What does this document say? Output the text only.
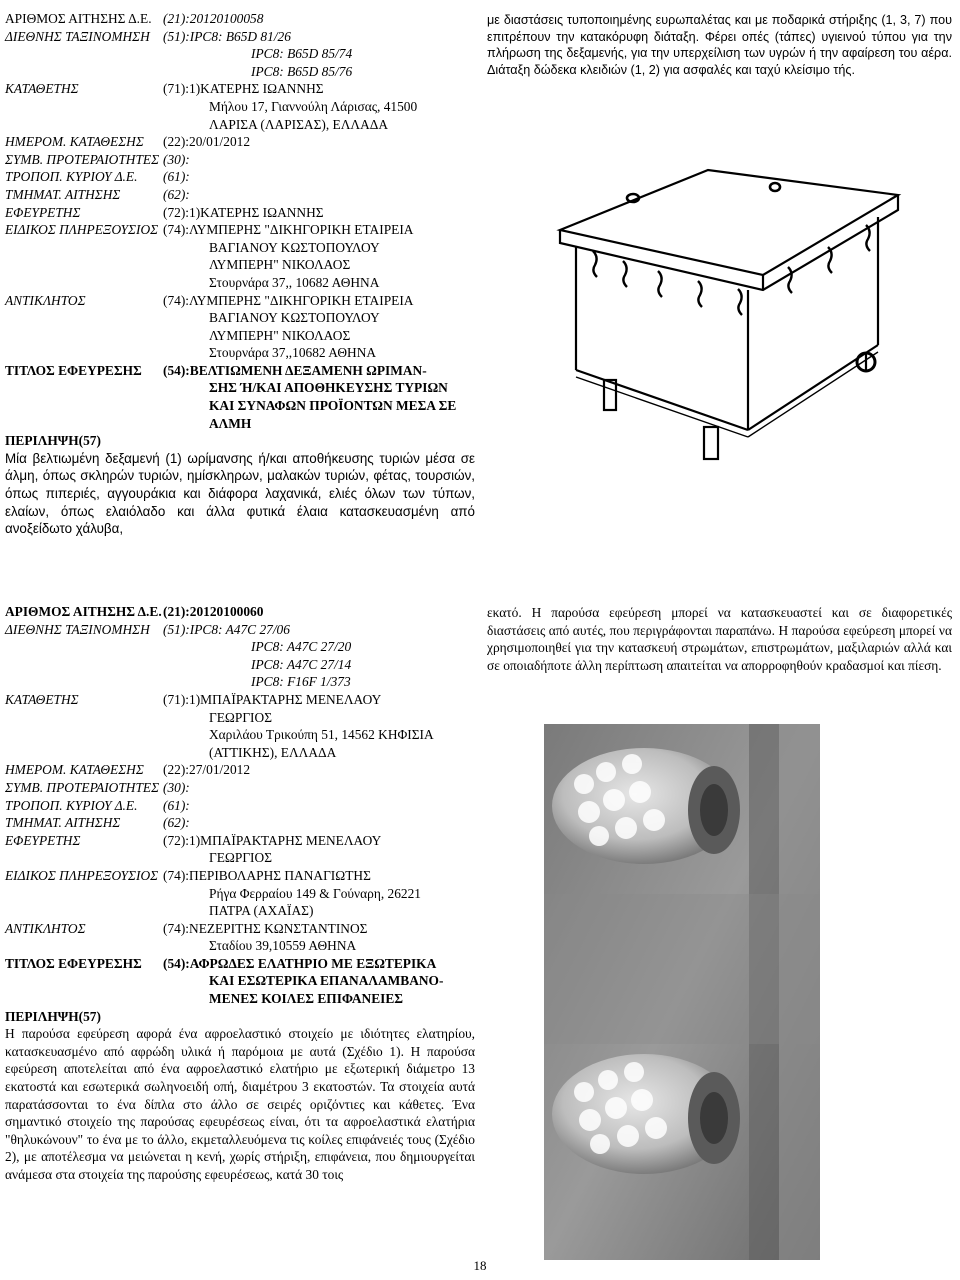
ΑΡΙΘΜΟΣ ΑΙΤΗΣΗΣ Δ.Ε. (21):20120100058
ΔΙΕΘΝΗΣ ΤΑΞΙΝΟΜΗΣΗ (51):IPC8: B65D 81/26
IPC8: B65D 85/74
IPC8: B65D 85/76
ΚΑΤΑΘΕΤΗΣ	(71):1)ΚΑΤΕΡΗΣ ΙΩΑΝΝΗΣ
Μήλου 17, Γιαννούλη Λάρισας, 41500
ΛΑΡΙΣΑ (ΛΑΡΙΣΑΣ), ΕΛΛΑΔΑ
ΗΜΕΡΟΜ. ΚΑΤΑΘΕΣΗΣ	(22):20/01/2012
ΣΥΜΒ. ΠΡΟΤΕΡΑΙΟΤΗΤΕΣ (30):
ΤΡΟΠΟΠ. ΚΥΡΙΟΥ Δ.Ε.	(61):
ΤΜΗΜΑΤ. ΑΙΤΗΣΗΣ	(62):
ΕΦΕΥΡΕΤΗΣ	(72):1)ΚΑΤΕΡΗΣ ΙΩΑΝΝΗΣ
ΕΙΔΙΚΟΣ ΠΛΗΡΕΞΟΥΣΙΟΣ (74):ΛΥΜΠΕΡΗΣ "ΔΙΚΗΓΟΡΙΚΗ ΕΤΑΙΡΕΙΑ
ΒΑΓΙΑΝΟΥ ΚΩΣΤΟΠΟΥΛΟΥ
ΛΥΜΠΕΡΗ" ΝΙΚΟΛΑΟΣ
Στουρνάρα 37,, 10682 ΑΘΗΝΑ
ΑΝΤΙΚΛΗΤΟΣ	(74):ΛΥΜΠΕΡΗΣ "ΔΙΚΗΓΟΡΙΚΗ ΕΤΑΙΡΕΙΑ
ΒΑΓΙΑΝΟΥ ΚΩΣΤΟΠΟΥΛΟΥ
ΛΥΜΠΕΡΗ" ΝΙΚΟΛΑΟΣ
Στουρνάρα 37,,10682 ΑΘΗΝΑ
ΤΙΤΛΟΣ ΕΦΕΥΡΕΣΗΣ	(54):ΒΕΛΤΙΩΜΕΝΗ ΔΕΞΑΜΕΝΗ ΩΡΙΜΑΝ-
ΣΗΣ Ή/ΚΑΙ ΑΠΟΘΗΚΕΥΣΗΣ ΤΥΡΙΩΝ
ΚΑΙ ΣΥΝΑΦΩΝ ΠΡΟΪΟΝΤΩΝ ΜΕΣΑ ΣΕ
ΑΛΜΗ
ΠΕΡΙΛΗΨΗ(57)
Μία βελτιωμένη δεξαμενή (1) ωρίμανσης ή/και αποθήκευσης τυριών μέσα σε άλμη, όπως σκληρών τυριών, ημίσκληρων, μαλακών τυριών, φέτας, τουρσιών, όπως πιπεριές, αγγουράκια και διάφορα λαχανικά, ελιές όλων των τύπων, ελαίων, όπως ελαιόλαδο και άλλα φυτικά έλαια κατασκευασμένη από ανοξείδωτο χάλυβα,
με διαστάσεις τυποποιημένης ευρωπαλέτας και με ποδαρικά στήριξης (1, 3, 7) που επιτρέπουν την κατακόρυφη διάταξη. Φέρει οπές (τάπες) υγιεινού τύπου για την πλήρωση της δεξαμενής, για την υπερχείλιση των υγρών ή την αφαίρεση του αέρα. Διάταξη δώδεκα κλειδιών (1, 2) για ασφαλές και ταχύ κλείσιμο τής.
ΑΡΙΘΜΟΣ ΑΙΤΗΣΗΣ Δ.Ε. (21):20120100060
ΔΙΕΘΝΗΣ ΤΑΞΙΝΟΜΗΣΗ (51):IPC8: A47C 27/06
IPC8: A47C 27/20
IPC8: A47C 27/14
IPC8: F16F 1/373
ΚΑΤΑΘΕΤΗΣ	(71):1)ΜΠΑΪΡΑΚΤΑΡΗΣ ΜΕΝΕΛΑΟΥ
ΓΕΩΡΓΙΟΣ
Χαριλάου Τρικούπη 51, 14562 ΚΗΦΙΣΙΑ
(ΑΤΤΙΚΗΣ), ΕΛΛΑΔΑ
ΗΜΕΡΟΜ. ΚΑΤΑΘΕΣΗΣ	(22):27/01/2012
ΣΥΜΒ. ΠΡΟΤΕΡΑΙΟΤΗΤΕΣ (30):
ΤΡΟΠΟΠ. ΚΥΡΙΟΥ Δ.Ε.	(61):
ΤΜΗΜΑΤ. ΑΙΤΗΣΗΣ	(62):
ΕΦΕΥΡΕΤΗΣ	(72):1)ΜΠΑΪΡΑΚΤΑΡΗΣ ΜΕΝΕΛΑΟΥ
ΓΕΩΡΓΙΟΣ
ΕΙΔΙΚΟΣ ΠΛΗΡΕΞΟΥΣΙΟΣ (74):ΠΕΡΙΒΟΛΑΡΗΣ ΠΑΝΑΓΙΩΤΗΣ
Ρήγα Φερραίου 149 & Γούναρη, 26221
ΠΑΤΡΑ (ΑΧΑΪΑΣ)
ΑΝΤΙΚΛΗΤΟΣ	(74):ΝΕΖΕΡΙΤΗΣ ΚΩΝΣΤΑΝΤΙΝΟΣ
Σταδίου 39,10559 ΑΘΗΝΑ
ΤΙΤΛΟΣ ΕΦΕΥΡΕΣΗΣ	(54):ΑΦΡΩΔΕΣ ΕΛΑΤΗΡΙΟ ΜΕ ΕΞΩΤΕΡΙΚΑ
ΚΑΙ ΕΣΩΤΕΡΙΚΑ ΕΠΑΝΑΛΑΜΒΑΝΟ-
ΜΕΝΕΣ ΚΟΙΛΕΣ ΕΠΙΦΑΝΕΙΕΣ
ΠΕΡΙΛΗΨΗ(57)
Η παρούσα εφεύρεση αφορά ένα αφροελαστικό στοιχείο με ιδιότητες ελατηρίου, κατασκευασμένο από αφρώδη υλικά ή παρόμοια με αυτά (Σχέδιο 1). Η παρούσα εφεύρεση αποτελείται από ένα αφροελαστικό ελατήριο με εξωτερική διάμετρο 13 εκατοστά και εσωτερικά σωληνοειδή οπή, διαμέτρου 3 εκατοστών. Τα στοιχεία αυτά παρατάσσονται το ένα δίπλα στο άλλο σε σειρές οριζόντιες και κάθετες. Ένα σημαντικό στοιχείο της παρούσας εφευρέσεως είναι, ότι τα αφροελαστικά ελατήρια "θηλυκώνουν" το ένα με το άλλο, εκμεταλλευόμενα τις κοίλες επιφάνειές τους (Σχέδιο 2), με αποτέλεσμα να μειώνεται η κενή, χωρίς στήριξη, επιφάνεια, που δημιουργείται ανάμεσα στα στοιχεία της παρούσης εφευρέσεως, κατά 30 τοις
εκατό. Η παρούσα εφεύρεση μπορεί να κατασκευαστεί και σε διαφορετικές διαστάσεις από αυτές, που περιγράφονται παραπάνω. Η παρούσα εφεύρεση μπορεί να χρησιμοποιηθεί για την κατασκευή στρωμάτων, επιστρωμάτων, μαξιλαριών αλλά και σε οποιαδήποτε άλλη περίπτωση απαιτείται να απορροφηθούν κραδασμοί και πίεση.
18
